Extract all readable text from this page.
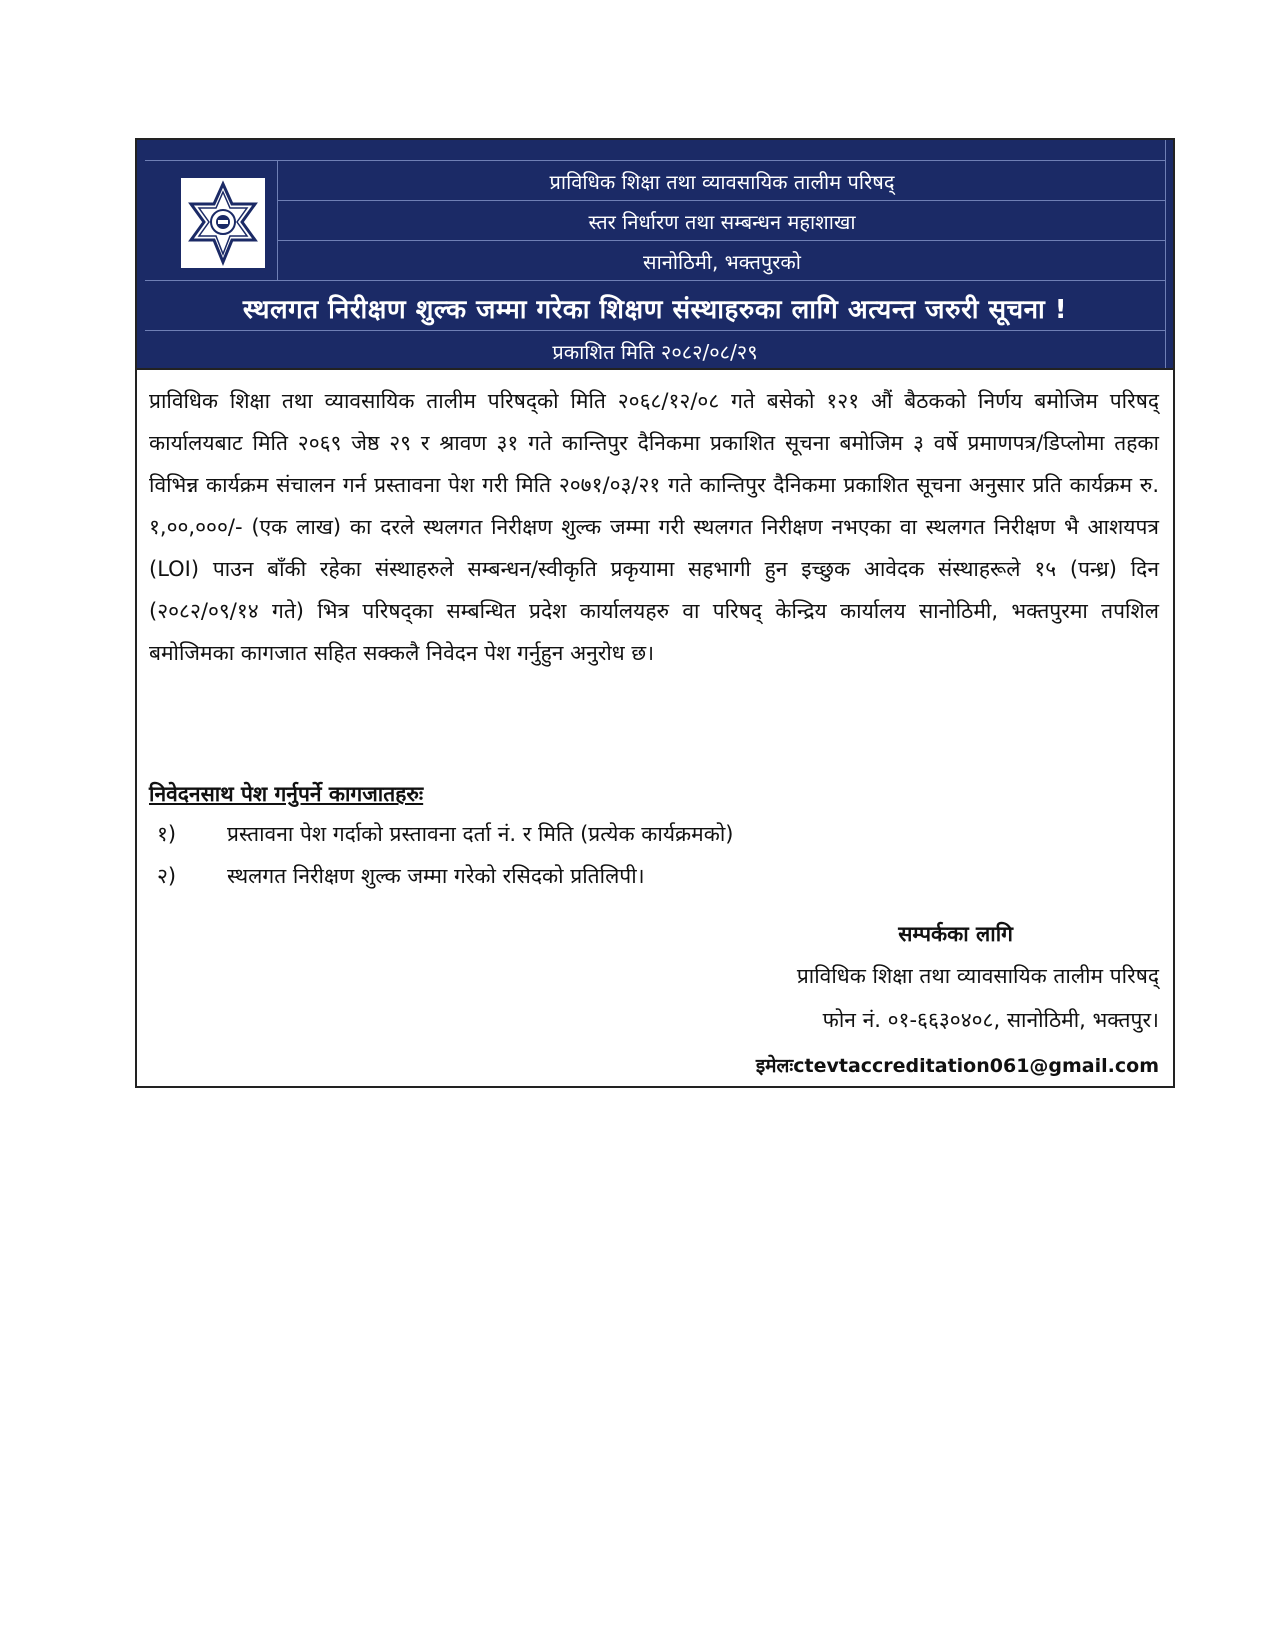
प्राविधिक शिक्षा तथा व्यावसायिक तालीम परिषद्
स्तर निर्धारण तथा सम्बन्धन महाशाखा
सानोठिमी, भक्तपुरको
स्थलगत निरीक्षण शुल्क जम्मा गरेका शिक्षण संस्थाहरुका लागि अत्यन्त जरुरी सूचना !
प्रकाशित मिति २०८२/०८/२९
प्राविधिक शिक्षा तथा व्यावसायिक तालीम परिषद्को मिति २०६८/१२/०८ गते बसेको १२१ औं बैठकको निर्णय बमोजिम परिषद् कार्यालयबाट मिति २०६९ जेष्ठ २९ र श्रावण ३१ गते कान्तिपुर दैनिकमा प्रकाशित सूचना बमोजिम ३ वर्षे प्रमाणपत्र/डिप्लोमा तहका विभिन्न कार्यक्रम संचालन गर्न प्रस्तावना पेश गरी मिति २०७१/०३/२१ गते कान्तिपुर दैनिकमा प्रकाशित सूचना अनुसार प्रति कार्यक्रम रु. १,००,०००/- (एक लाख) का दरले स्थलगत निरीक्षण शुल्क जम्मा गरी स्थलगत निरीक्षण नभएका वा स्थलगत निरीक्षण भै आशयपत्र (LOI) पाउन बाँकी रहेका संस्थाहरुले सम्बन्धन/स्वीकृति प्रकृयामा सहभागी हुन इच्छुक आवेदक संस्थाहरूले १५ (पन्ध्र) दिन (२०८२/०९/१४ गते) भित्र परिषद्का सम्बन्धित प्रदेश कार्यालयहरु वा परिषद् केन्द्रिय कार्यालय सानोठिमी, भक्तपुरमा तपशिल बमोजिमका कागजात सहित सक्कलै निवेदन पेश गर्नुहुन अनुरोध छ।
निवेदनसाथ पेश गर्नुपर्ने कागजातहरुः
१) प्रस्तावना पेश गर्दाको प्रस्तावना दर्ता नं. र मिति (प्रत्येक कार्यक्रमको)
२) स्थलगत निरीक्षण शुल्क जम्मा गरेको रसिदको प्रतिलिपी।
सम्पर्कका लागि
प्राविधिक शिक्षा तथा व्यावसायिक तालीम परिषद्
फोन नं. ०१-६६३०४०८, सानोठिमी, भक्तपुर।
इमेलःctevtaccreditation061@gmail.com
